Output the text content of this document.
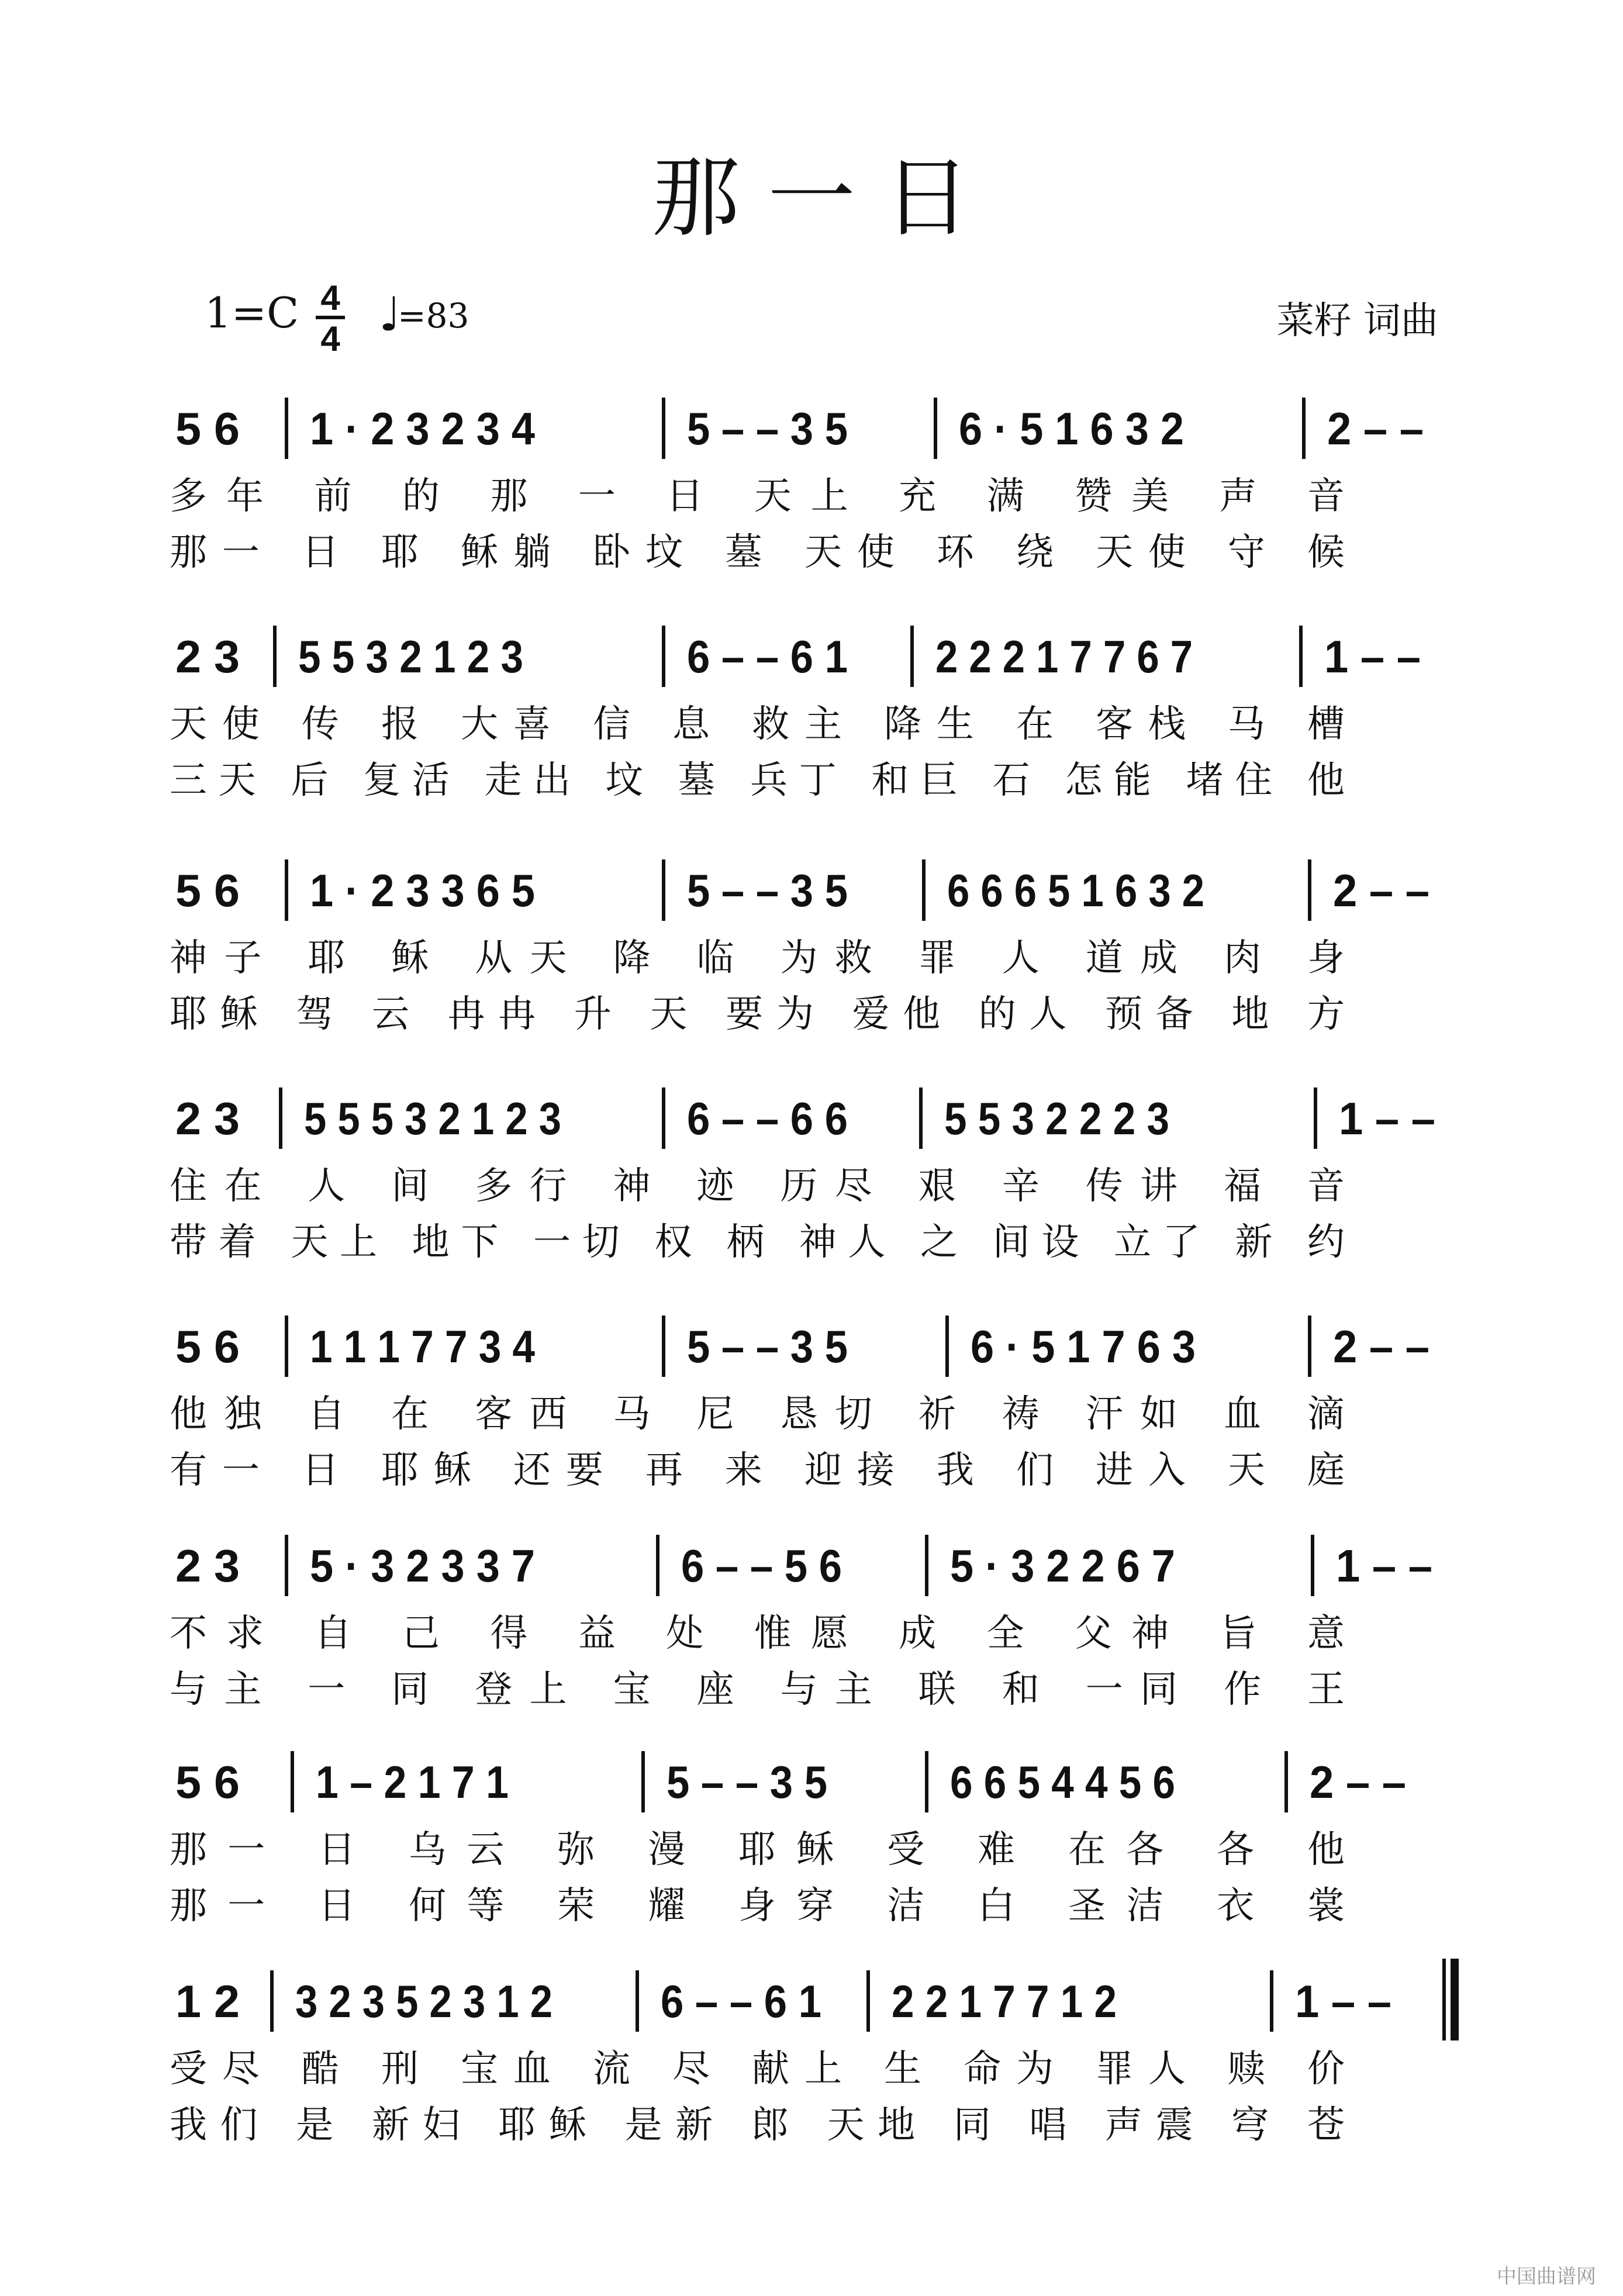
那 一 日
1=C 4
4 ♩
=83	菜籽 词曲
5 6 1 · 2 3 2 3 4	5 – – 3 5 6 · 5 1 6 3 2	2 – –
多年 前 的 那 一 日 天上 充 满 赞美 声 音
那一 日 耶 稣躺 卧坟 墓 天使 环 绕 天使 守 候
2 3 5 5 3 2 1 2 3	6 – – 6 1 2 2 2 1 7 7 6 7	1 – –
天使 传 报 大喜 信 息 救主 降生 在 客栈 马 槽
三天 后 复活 走出 坟 墓 兵丁 和巨 石 怎能 堵住 他
5 6 1 · 2 3 3 6 5	5 – – 3 5 6 6 6 5 1 6 3 2	2 – –
神子 耶 稣 从天 降 临 为救 罪 人 道成 肉 身
耶稣 驾 云 冉冉 升 天 要为 爱他 的人 预备 地 方
2 3 5 5 5 3 2 1 2 3	6 – – 6 6 5 5 3 2 2 2 3	1 – –
住在 人 间 多行 神 迹 历尽 艰 辛 传讲 福 音
带着 天上 地下 一切 权 柄 神人 之 间设 立了 新 约
5 6 1 1 1 7 7 3 4	5 – – 3 5	6 · 5 1 7 6 3	2 – –
他独 自 在 客西 马 尼 恳切 祈 祷 汗如 血 滴
有一 日 耶稣 还要 再 来 迎接 我 们 进入 天 庭
2 3 5 · 3 2 3 3 7	6 – – 5 6 5 · 3 2 2 6 7	1 – –
不求 自 己 得 益 处 惟愿 成 全 父神 旨 意
与主 一 同 登上 宝 座 与主 联 和 一同 作 王
5 6 1 – 2 1 7 1	5 – – 3 5	6 6 5 4 4 5 6	2 – –
那一 日 乌云 弥 漫 耶稣 受 难 在各 各 他
那一 日 何等 荣 耀 身穿 洁 白 圣洁 衣 裳
1 2 3 2 3 5 2 3 1 2 6 – – 6 1 2 2 1 7 7 1 2	1 – –
受尽 酷 刑 宝血 流 尽 献上 生 命为 罪人 赎 价
我们 是 新妇 耶稣 是新 郎 天地 同 唱 声震 穹 苍
中国曲谱网
